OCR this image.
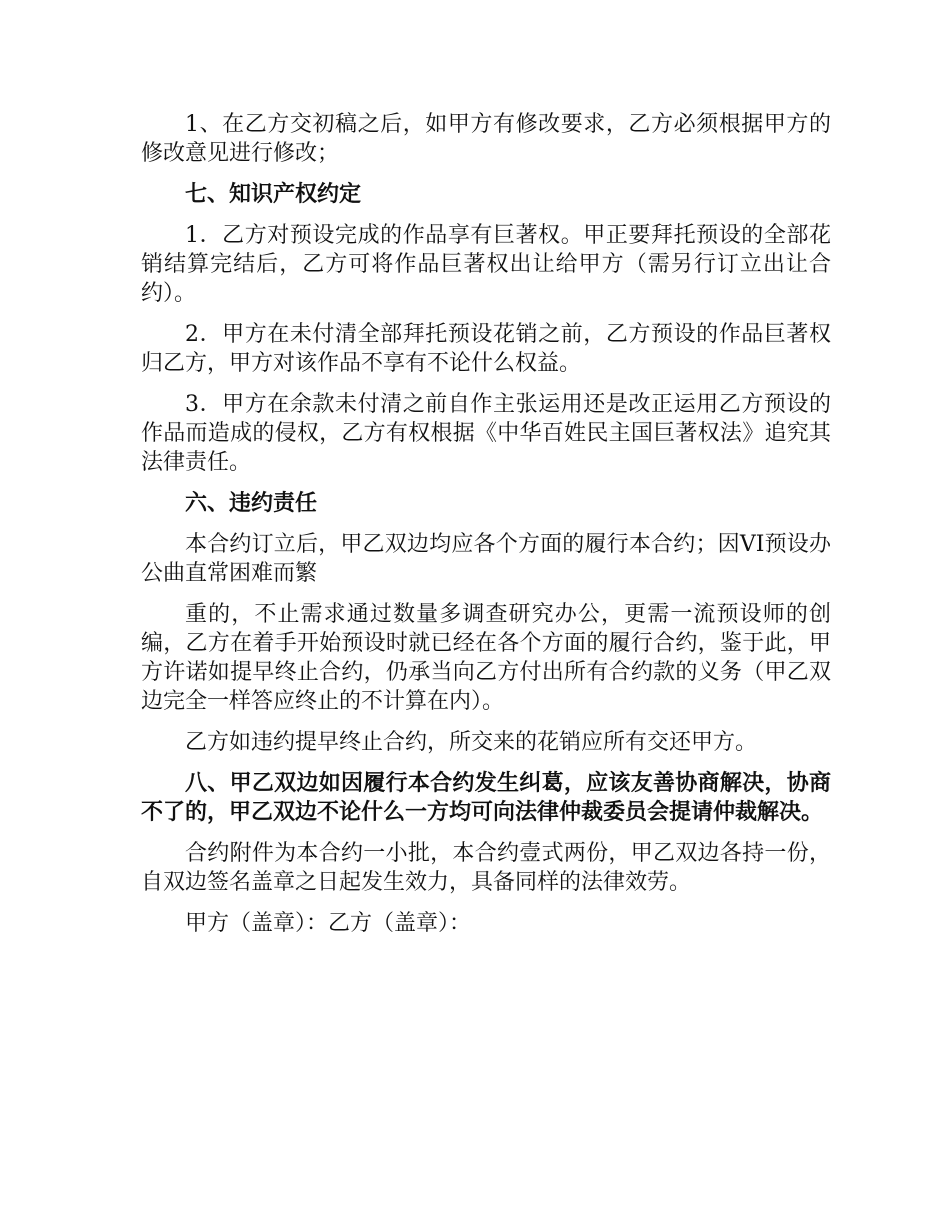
1、在乙方交初稿之后，如甲方有修改要求，乙方必须根据甲方的修改意见进行修改；

七、知识产权约定

1．乙方对预设完成的作品享有巨著权。甲正要拜托预设的全部花销结算完结后，乙方可将作品巨著权出让给甲方（需另行订立出让合约）。

2．甲方在未付清全部拜托预设花销之前，乙方预设的作品巨著权归乙方，甲方对该作品不享有不论什么权益。

3．甲方在余款未付清之前自作主张运用还是改正运用乙方预设的作品而造成的侵权，乙方有权根据《中华百姓民主国巨著权法》追究其法律责任。

六、违约责任

本合约订立后，甲乙双边均应各个方面的履行本合约；因VI预设办公曲直常困难而繁

重的，不止需求通过数量多调查研究办公，更需一流预设师的创编，乙方在着手开始预设时就已经在各个方面的履行合约，鉴于此，甲方许诺如提早终止合约，仍承当向乙方付出所有合约款的义务（甲乙双边完全一样答应终止的不计算在内）。

乙方如违约提早终止合约，所交来的花销应所有交还甲方。

八、甲乙双边如因履行本合约发生纠葛，应该友善协商解决，协商不了的，甲乙双边不论什么一方均可向法律仲裁委员会提请仲裁解决。

合约附件为本合约一小批，本合约壹式两份，甲乙双边各持一份，自双边签名盖章之日起发生效力，具备同样的法律效劳。

甲方（盖章）：乙方（盖章）：
